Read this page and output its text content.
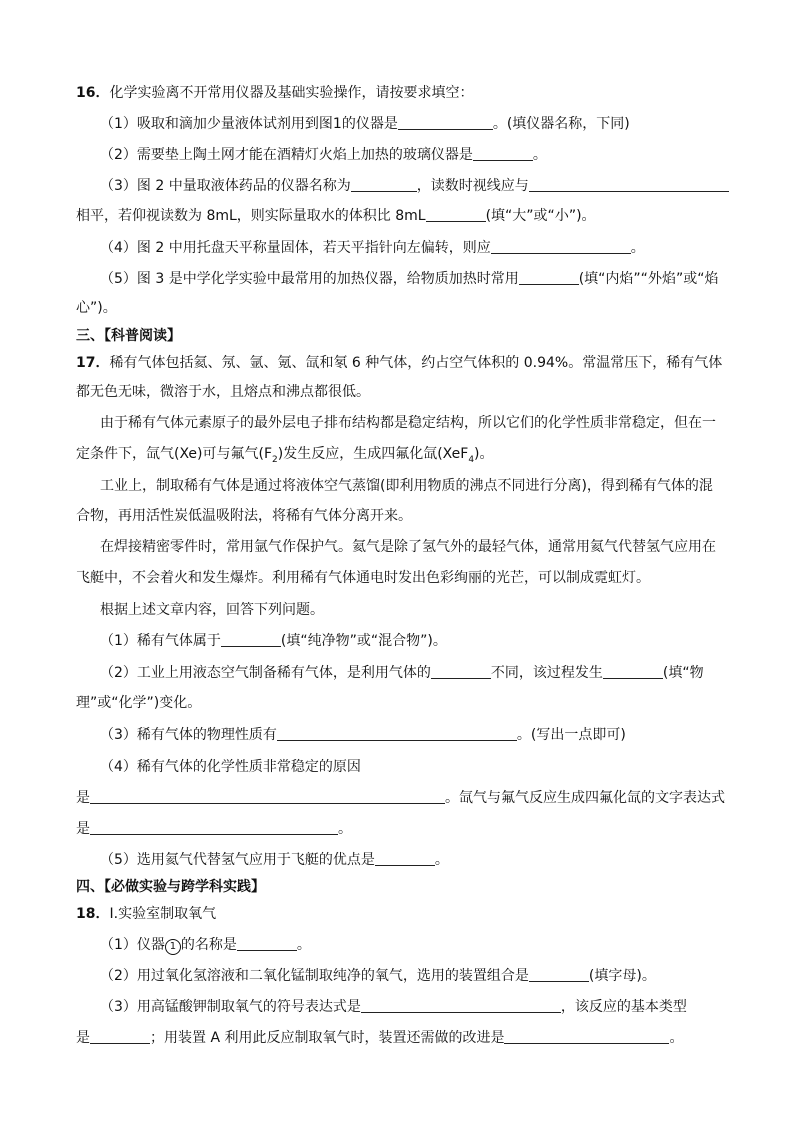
16．化学实验离不开常用仪器及基础实验操作，请按要求填空：
（1）吸取和滴加少量液体试剂用到图1的仪器是	。(填仪器名称，下同)
（2）需要垫上陶土网才能在酒精灯火焰上加热的玻璃仪器是	。
（3）图 2 中量取液体药品的仪器名称为	，读数时视线应与
相平，若仰视读数为 8mL，则实际量取水的体积比 8mL	(填“大”或“小”)。
（4）图 2 中用托盘天平称量固体，若天平指针向左偏转，则应	。
（5）图 3 是中学化学实验中最常用的加热仪器，给物质加热时常用	(填“内焰”“外焰”或“焰
心”)。
三、【科普阅读】
17．稀有气体包括氦、氖、氩、氪、氙和氡 6 种气体，约占空气体积的 0.94%。常温常压下，稀有气体
都无色无味，微溶于水，且熔点和沸点都很低。
由于稀有气体元素原子的最外层电子排布结构都是稳定结构，所以它们的化学性质非常稳定，但在一
定条件下，氙气(Xe)可与氟气$(F_2)$发生反应，生成四氟化氙(XeF$_4$)。
工业上，制取稀有气体是通过将液体空气蒸馏(即利用物质的沸点不同进行分离)，得到稀有气体的混
合物，再用活性炭低温吸附法，将稀有气体分离开来。
在焊接精密零件时，常用氩气作保护气。氦气是除了氢气外的最轻气体，通常用氦气代替氢气应用在
飞艇中，不会着火和发生爆炸。利用稀有气体通电时发出色彩绚丽的光芒，可以制成霓虹灯。
根据上述文章内容，回答下列问题。
（1）稀有气体属于	(填“纯净物”或“混合物”)。
（2）工业上用液态空气制备稀有气体，是利用气体的	不同，该过程发生	(填“物
理”或“化学”)变化。
（3）稀有气体的物理性质有	。(写出一点即可)
（4）稀有气体的化学性质非常稳定的原因
是	。氙气与氟气反应生成四氟化氙的文字表达式
是	。
（5）选用氦气代替氢气应用于飞艇的优点是	。
四、【必做实验与跨学科实践】
18．I.实验室制取氧气
（1）仪器 1 的名称是	。
（2）用过氧化氢溶液和二氧化锰制取纯净的氧气，选用的装置组合是	(填字母)。
（3）用高锰酸钾制取氧气的符号表达式是	，该反应的基本类型
是	；用装置 A 利用此反应制取氧气时，装置还需做的改进是	。
